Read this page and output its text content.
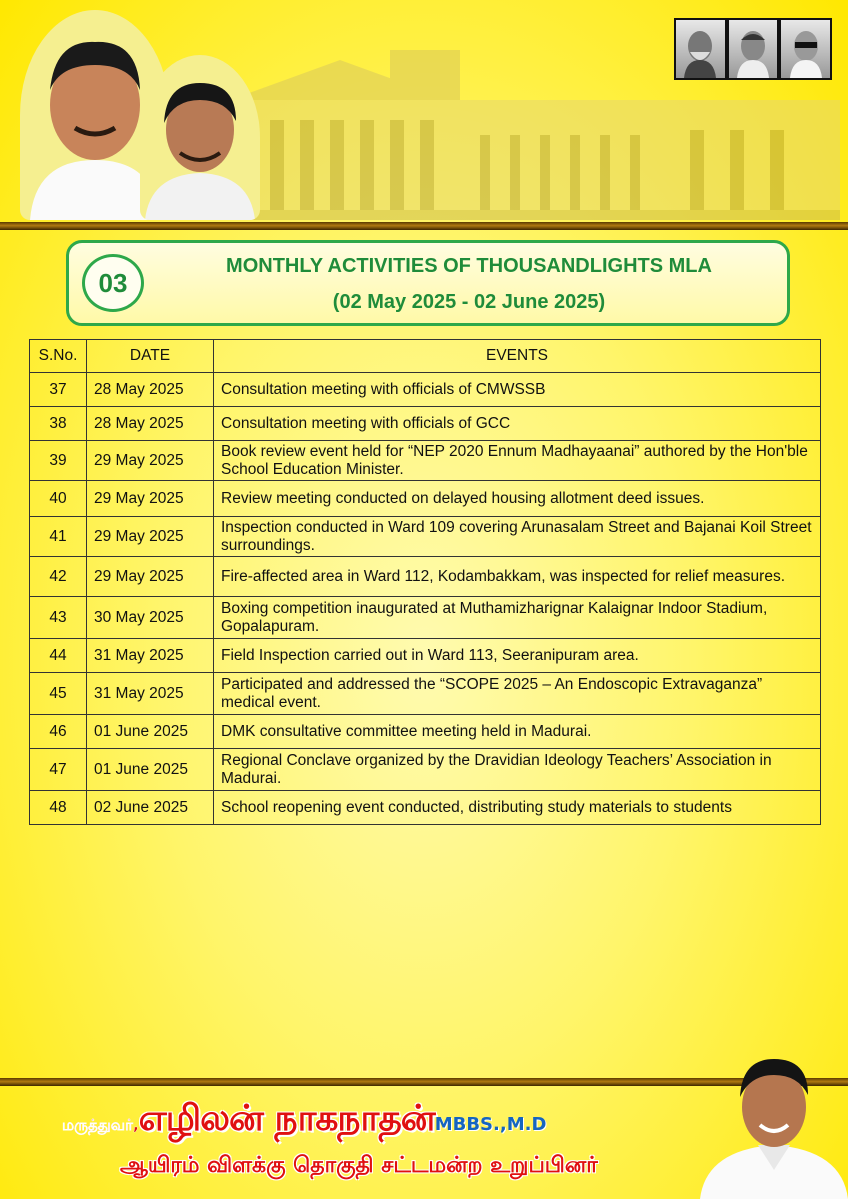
03
MONTHLY ACTIVITIES OF THOUSANDLIGHTS MLA
(02 May 2025 - 02 June 2025)
S.No.	DATE	EVENTS
37	28 May 2025	Consultation meeting with officials of CMWSSB
38	28 May 2025	Consultation meeting with officials of GCC
39	29 May 2025	Book review event held for “NEP 2020 Ennum Madhayaanai” authored by the Hon'ble School Education Minister.
40	29 May 2025	Review meeting conducted on delayed housing allotment deed issues.
41	29 May 2025	Inspection conducted in Ward 109 covering Arunasalam Street and Bajanai Koil Street surroundings.
42	29 May 2025	Fire-affected area in Ward 112, Kodambakkam, was inspected for relief measures.
43	30 May 2025	Boxing competition inaugurated at Muthamizharignar Kalaignar Indoor Stadium, Gopalapuram.
44	31 May 2025	Field Inspection carried out in Ward 113, Seeranipuram area.
45	31 May 2025	Participated and addressed the “SCOPE 2025 – An Endoscopic Extravaganza” medical event.
46	01 June 2025	DMK consultative committee meeting held in Madurai.
47	01 June 2025	Regional Conclave organized by the Dravidian Ideology Teachers’ Association in Madurai.
48	02 June 2025	School reopening event conducted, distributing study materials to students
மருத்துவர்,எழிலன் நாகநாதன்MBBS.,M.D
ஆயிரம் விளக்கு தொகுதி சட்டமன்ற உறுப்பினர்
